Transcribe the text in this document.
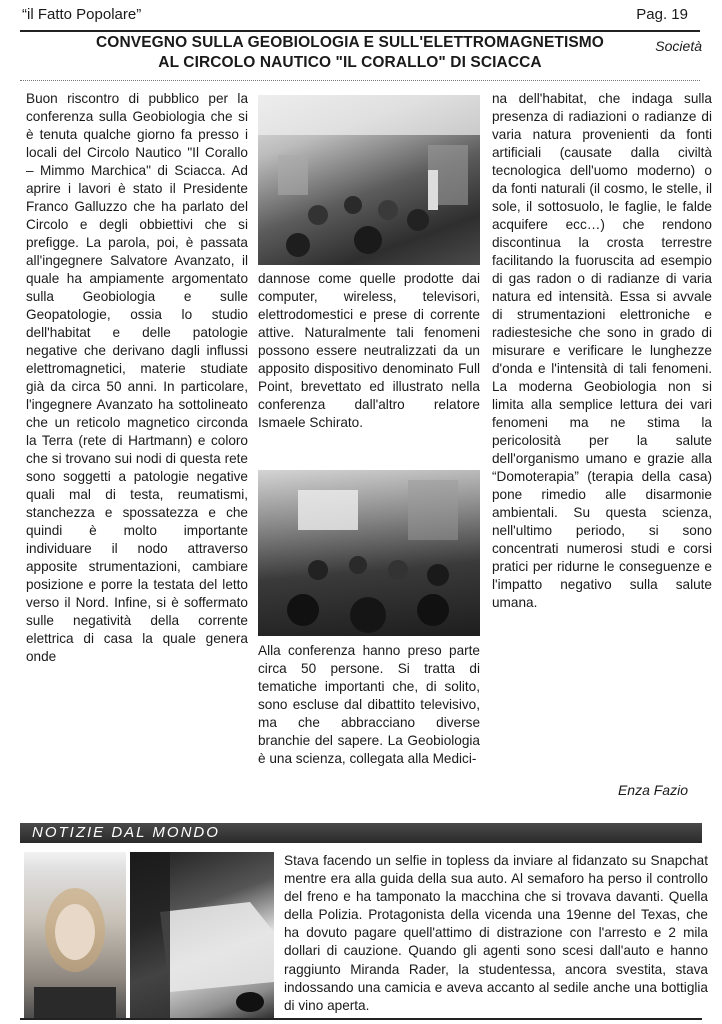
“il Fatto Popolare”	Pag. 19
CONVEGNO SULLA GEOBIOLOGIA E SULL'ELETTROMAGNETISMO
AL CIRCOLO NAUTICO "IL CORALLO" DI SCIACCA
Società
Buon riscontro di pubblico per la conferenza sulla Geobiologia che si è tenuta qualche giorno fa presso i locali del Circolo Nautico "Il Corallo – Mimmo Marchica" di Sciacca. Ad aprire i lavori è stato il Presidente Franco Galluzzo che ha parlato del Circolo e degli obbiettivi che si prefigge. La parola, poi, è passata all'ingegnere Salvatore Avanzato, il quale ha ampiamente argomentato sulla Geobiologia e sulle Geopatologie, ossia lo studio dell'habitat e delle patologie negative che derivano dagli influssi elettromagnetici, materie studiate già da circa 50 anni. In particolare, l'ingegnere Avanzato ha sottolineato che un reticolo magnetico circonda la Terra (rete di Hartmann) e coloro che si trovano sui nodi di questa rete sono soggetti a patologie negative quali mal di testa, reumatismi, stanchezza e spossatezza e che quindi è molto importante individuare il nodo attraverso apposite strumentazioni, cambiare posizione e porre la testata del letto verso il Nord. Infine, si è soffermato sulle negatività della corrente elettrica di casa la quale genera onde
dannose come quelle prodotte dai computer, wireless, televisori, elettrodomestici e prese di corrente attive. Naturalmente tali fenomeni possono essere neutralizzati da un apposito dispositivo denominato Full Point, brevettato ed illustrato nella conferenza dall'altro relatore Ismaele Schirato.
Alla conferenza hanno preso parte circa 50 persone. Si tratta di tematiche importanti che, di solito, sono escluse dal dibattito televisivo, ma che abbracciano diverse branchie del sapere. La Geobiologia è una scienza, collegata alla Medici-
na dell'habitat, che indaga sulla presenza di radiazioni o radianze di varia natura provenienti da fonti artificiali (causate dalla civiltà tecnologica dell'uomo moderno) o da fonti naturali (il cosmo, le stelle, il sole, il sottosuolo, le faglie, le falde acquifere ecc…) che rendono discontinua la crosta terrestre facilitando la fuoruscita ad esempio di gas radon o di radianze di varia natura ed intensità. Essa si avvale di strumentazioni elettroniche e radiestesiche che sono in grado di misurare e verificare le lunghezze d'onda e l'intensità di tali fenomeni. La moderna Geobiologia non si limita alla semplice lettura dei vari fenomeni ma ne stima la pericolosità per la salute dell'organismo umano e grazie alla “Domoterapia” (terapia della casa) pone rimedio alle disarmonie ambientali. Su questa scienza, nell'ultimo periodo, si sono concentrati numerosi studi e corsi pratici per ridurne le conseguenze e l'impatto negativo sulla salute umana.
Enza Fazio
NOTIZIE DAL MONDO
Stava facendo un selfie in topless da inviare al fidanzato su Snapchat mentre era alla guida della sua auto. Al semaforo ha perso il controllo del freno e ha tamponato la macchina che si trovava davanti. Quella della Polizia. Protagonista della vicenda una 19enne del Texas, che ha dovuto pagare quell'attimo di distrazione con l'arresto e 2 mila dollari di cauzione. Quando gli agenti sono scesi dall'auto e hanno raggiunto Miranda Rader, la studentessa, ancora svestita, stava indossando una camicia e aveva accanto al sedile anche una bottiglia di vino aperta.
